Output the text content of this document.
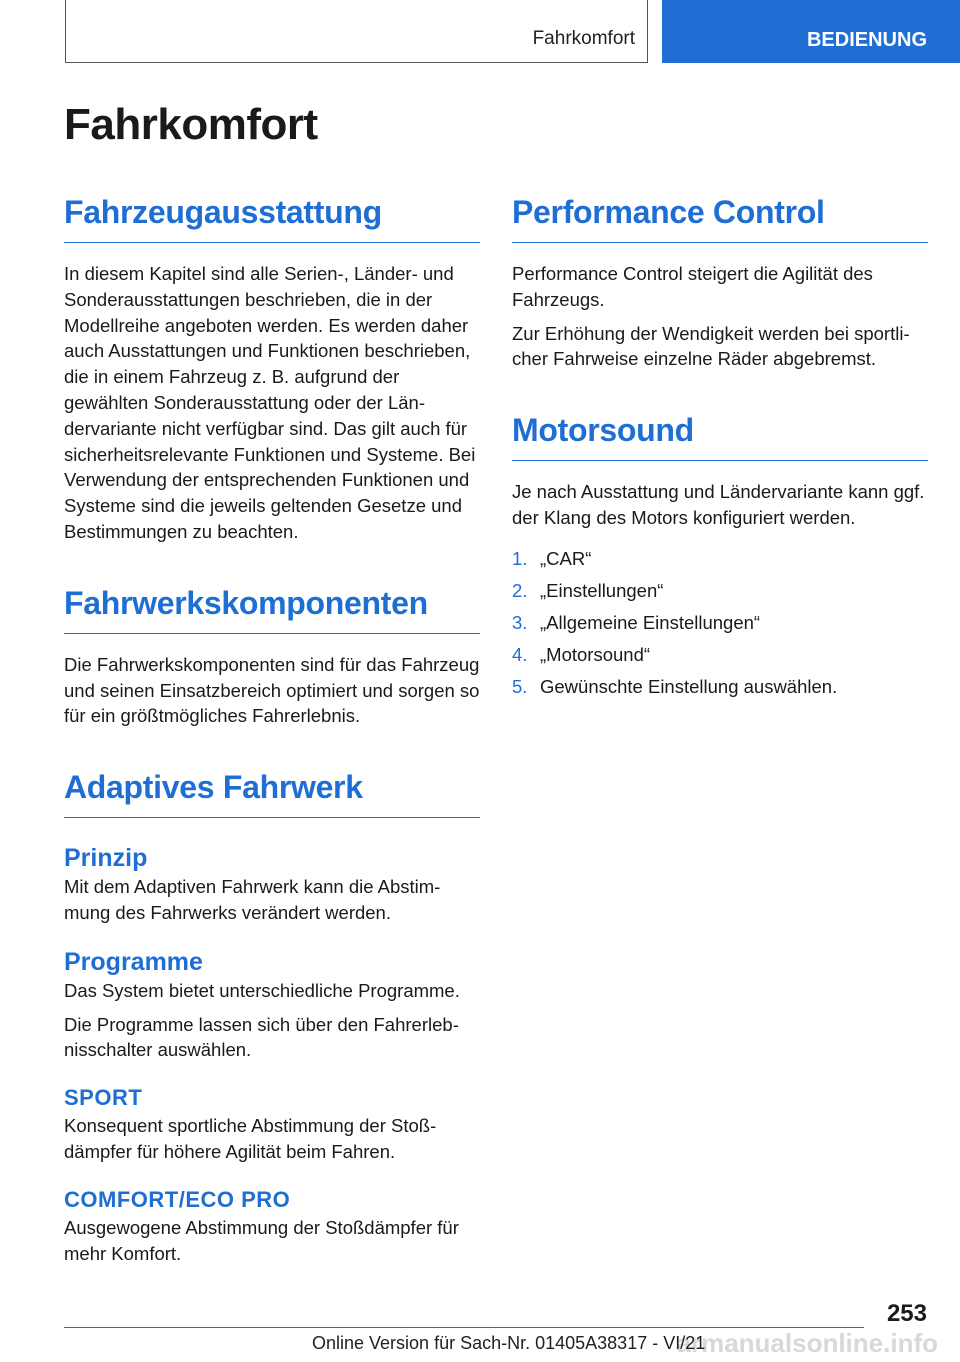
Fahrkomfort	BEDIENUNG
Fahrkomfort
Fahrzeugausstattung

In diesem Kapitel sind alle Serien-, Länder- und Sonderausstattungen beschrieben, die in der Modellreihe angeboten werden. Es werden daher auch Ausstattungen und Funktionen beschrieben, die in einem Fahrzeug z. B. aufgrund der gewählten Sonderausstattung oder der Ländervariante nicht verfügbar sind. Das gilt auch für sicherheitsrelevante Funktionen und Systeme. Bei Verwendung der entsprechenden Funktionen und Systeme sind die jeweils geltenden Gesetze und Bestimmungen zu beachten.

Fahrwerkskomponenten

Die Fahrwerkskomponenten sind für das Fahrzeug und seinen Einsatzbereich optimiert und sorgen so für ein größtmögliches Fahrerlebnis.

Adaptives Fahrwerk
Prinzip

Mit dem Adaptiven Fahrwerk kann die Abstimmung des Fahrwerks verändert werden.

Programme

Das System bietet unterschiedliche Programme.

Die Programme lassen sich über den Fahrerlebnisschalter auswählen.

SPORT

Konsequent sportliche Abstimmung der Stoßdämpfer für höhere Agilität beim Fahren.

COMFORT/ECO PRO

Ausgewogene Abstimmung der Stoßdämpfer für mehr Komfort.

Performance Control

Performance Control steigert die Agilität des Fahrzeugs.

Zur Erhöhung der Wendigkeit werden bei sportlicher Fahrweise einzelne Räder abgebremst.

Motorsound

Je nach Ausstattung und Ländervariante kann ggf. der Klang des Motors konfiguriert werden.

1. „CAR“
2. „Einstellungen“
3. „Allgemeine Einstellungen“
4. „Motorsound“
5. Gewünschte Einstellung auswählen.
253
armanualsonline.info
Online Version für Sach-Nr. 01405A38317 - VI/21
